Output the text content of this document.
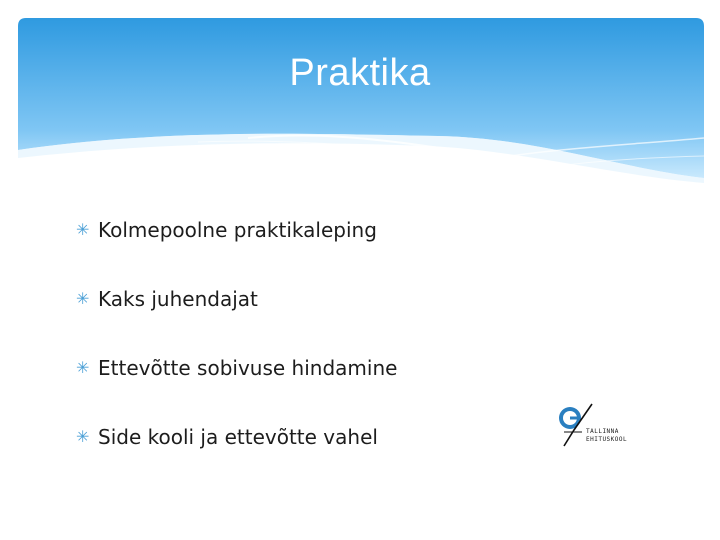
Praktika
✳ Kolmepoolne praktikaleping
✳ Kaks juhendajat
✳ Ettevõtte sobivuse hindamine
✳ Side kooli ja ettevõtte vahel	TALLINNA
EHITUSKOOL
